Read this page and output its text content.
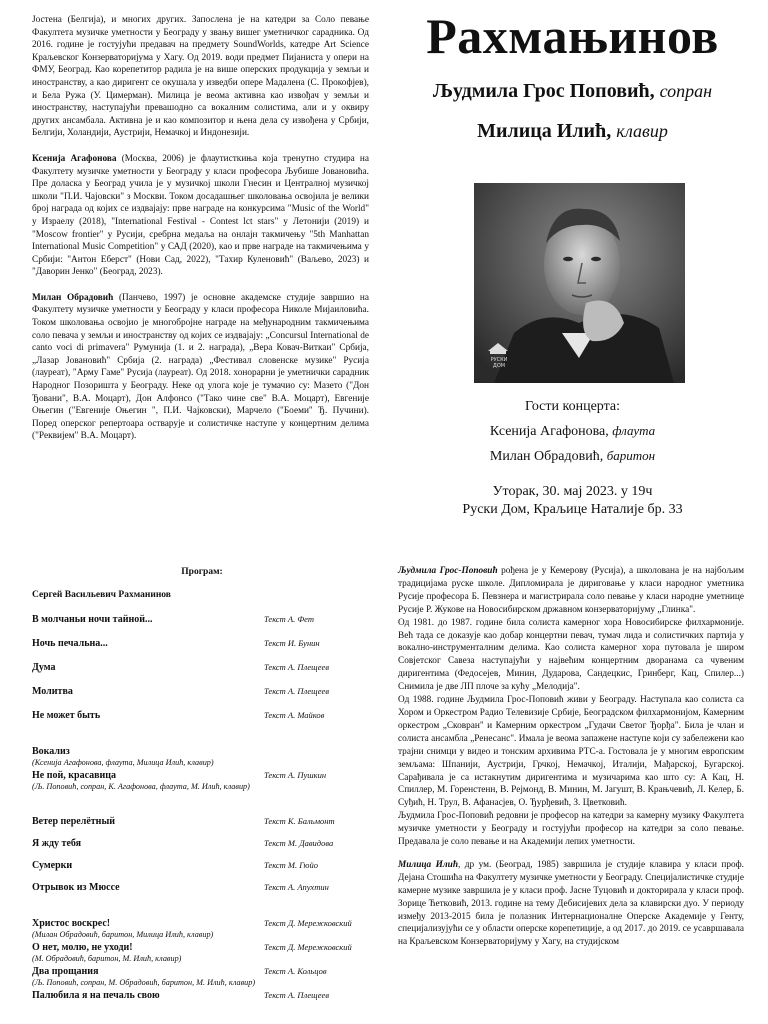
Јостена (Белгија), и многих других. Запослена је на катедри за Соло певање Факултета музичке уметности у Београду у звању вишег уметничког сарадника. Од 2016. године је гостујући предавач на предмету SoundWorlds, катедре Art Science Краљевског Конзерваторијума у Хагу. Од 2019. води предмет Пијаниста у опери на ФМУ, Београд. Као корепетитор радила је на више оперских продукција у земљи и иностранству, а као диригент се окушала у изведби опере Мадалена (С. Прокофјев), и Бела Ружа (У. Цимерман). Милица је веома активна као извођач у земљи и иностранству, наступајући превашодно са вокалним солистима, али и у оквиру других ансамбала. Активна је и као композитор и њена дела су извођена у Србији, Белгији, Холандији, Аустрији, Немачкој и Индонезији.

Ксенија Агафонова (Москва, 2006) је флаутисткиња која тренутно студира на Факултету музичке уметности у Београду у класи професора Љубише Јовановића. Пре доласка у Београд учила је у музичкој школи Гнесин и Централној музичкој школи "П.И. Чајовски" з Москви. Током досадашњег школовања освојила је велики број награда од којих се издвајају: прве награде на конкурсима "Music of the World" у Израелу (2018), "International Festival - Contest lct stars" у Летонији (2019) и "Moscow frontier" у Русији, сребрна медаља на онлајн такмичењу "5th Manhattan International Music Competition" у САД (2020), као и прве награде на такмичењима у Србији: "Антон Еберст" (Нови Сад, 2022), "Тахир Куленовић" (Ваљево, 2023) и "Даворин Јенко" (Београд, 2023).

Милан Обрадовић (Панчево, 1997) је основне академске студије завршио на Факултету музичке уметности у Београду у класи професора Николе Мијаиловића. Током школовања освојио је многобројне награде на међународним такмичењима соло певача у земљи и иностранству од којих се издвајају: „Concursul International de canto voci di primavera" Румунија (1. и 2. награда), „Вера Ковач-Виткаи" Србија, „Лазар Јовановић" Србија (2. награда) „Фестивал словенске музике" Русија (лауреат), "Арму Гаме" Русија (лауреат). Од 2018. хонорарни је уметнички сарадник Народног Позоришта у Београду. Неке од улога које је тумачио су: Мазето ("Дон Ђовани", В.А. Моцарт), Дон Алфонсо ("Тако чине све" В.А. Моцарт), Евгеније Оњегин ("Евгеније Оњегин ", П.И. Чајковски), Марчело ("Боеми" Ђ. Пучини). Поред оперског репертоара остварује и солистичке наступе у концертним делима ("Реквијем" В.А. Моцарт).

Рахмањинов
Људмила Грос Поповић, сопран
Милица Илић, клавир
РУСКИ ДОМ
Гости концерта:
Ксенија Агафонова, флаута
Милан Обрадовић, баритон
Уторак, 30. мај 2023. у 19ч
Руски Дом, Краљице Наталије бр. 33
Програм:
Сергей Васильевич Рахманинов
В молчаньи ночи тайной...	Текст А. Фет
Ночь печальна...	Текст И. Бунин
Дума	Текст А. Плещеев
Молитва	Текст А. Плещеев
Не может быть	Текст А. Майков
Вокализ
(Ксенија Агафонова, флаута, Милица Илић, клавир)
Не пой, красавица	Текст А. Пушкин
(Љ. Поповић, сопран, К. Агафонова, флаута, М. Илић, клавир)
Ветер перелётный	Текст К. Бальмонт
Я жду тебя	Текст М. Давидова
Сумерки	Текст М. Гюйо
Отрывок из Мюссе	Текст А. Апухтин
Христос воскрес!	Текст Д. Мережковский
(Милан Обрадовић, баритон, Милица Илић, клавир)
О нет, молю, не уходи!	Текст Д. Мережковский
(М. Обрадовић, баритон, М. Илић, клавир)
Два прощания	Текст А. Кольцов
(Љ. Поповић, сопран, М. Обрадовић, баритон, М. Илић, клавир)
Палюбила я на печаль свою	Текст А. Плещеев

Људмила Грос-Поповић рођена је у Кемерову (Русија), а школована је на најбољим традицијама руске школе. Дипломирала је дириговање у класи народног уметника Русије професора Б. Певзнера и магистрирала соло певање у класи народне уметнице Русије Р. Жукове на Новосибирском државном конзерваторијуму „Глинка".

Од 1981. до 1987. године била солиста камерног хора Новосибирске филхармоније. Већ тада се доказује као добар концертни певач, тумач лида и солистичких партија у вокално-инструменталним делима. Као солиста камерног хора путовала је широм Совјетског Савеза наступајући у највећим концертним дворанама са чувеним диригентима (Федосејев, Минин, Дударова, Сандецкис, Гринберг, Кац, Спилер...) Снимила је две ЛП плоче за кућу „Мелодија".

Од 1988. године Људмила Грос-Поповић живи у Београду. Наступала као солиста са Хором и Оркестром Радио Телевизије Србије, Београдском филхармонијом, Камерним оркестром „Сковран" и Камерним оркестром „Гудачи Светог Ђорђа". Била је члан и солиста ансамбла „Ренесанс". Имала је веома запажене наступе који су забележени као трајни снимци у видео и тонским архивима РТС-а. Гостовала је у многим европским земљама: Шпанији, Аустрији, Грчкој, Немачкој, Италији, Мађарској, Бугарској. Сарађивала је са истакнутим диригентима и музичарима као што су: А Кац, Н. Спиллер, М. Горенстенн, В. Рејмонд, В. Минин, М. Јагушт, В. Крањчевић, Л. Келер, Б. Суђић, Н. Трул, В. Афанасјев, О. Ђурђевић, З. Цветковић.

Људмила Грос-Поповић редовни је професор на катедри за камерну музику Факултета музичке уметности у Београду и гостујући професор на катедри за соло певање. Предавала је соло певање и на Академији лепих уметности.

Милица Илић, др ум. (Београд, 1985) завршила је студије клавира у класи проф. Дејана Стошића на Факултету музичке уметности у Београду. Специјалистичке студије камерне музике завршила је у класи проф. Јасне Туцовић и докторирала у класи проф. Зорице Ћетковић, 2013. године на тему Дебисијевих дела за клавирски дуо. У периоду између 2013-2015 била је полазник Интернационалне Оперске Академије у Генту, специјализујући се у области оперске корепетиције, а од 2017. до 2019. се усавршавала на Краљевском Конзерваторијуму у Хагу, на студијском
